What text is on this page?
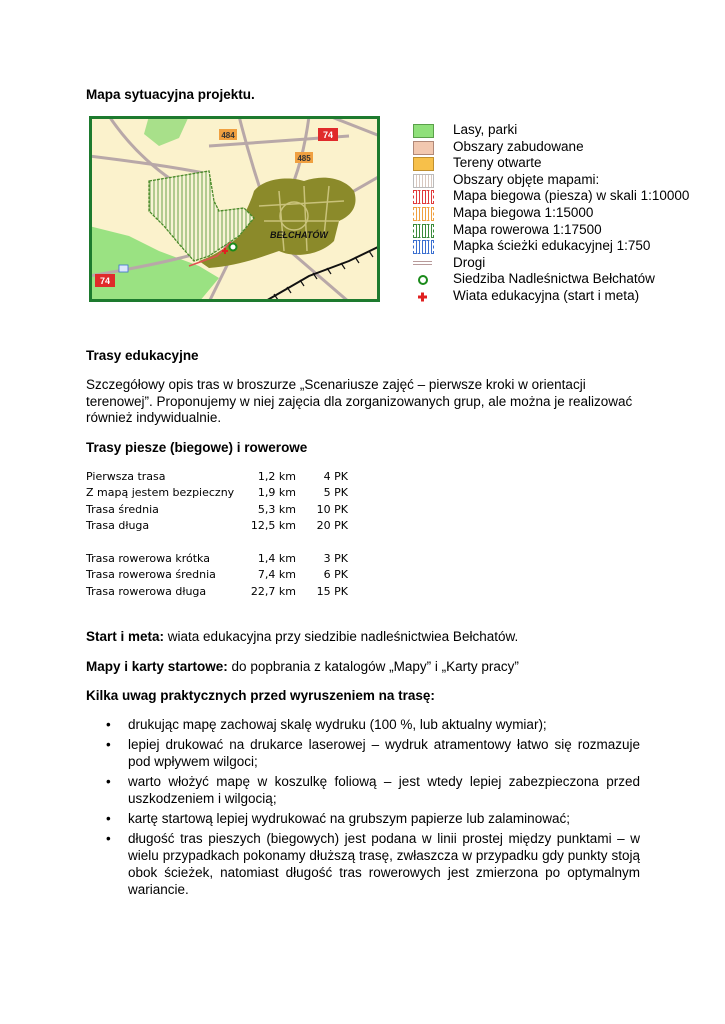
Mapa sytuacyjna projektu.
484	74
485
74
BEŁCHATÓW
Lasy, parki
Obszary zabudowane
Tereny otwarte
Obszary objęte mapami:
Mapa biegowa (piesza) w skali 1:10000
Mapa biegowa 1:15000
Mapa rowerowa 1:17500
Mapka ścieżki edukacyjnej 1:750
Drogi
Siedziba Nadleśnictwa Bełchatów
Wiata edukacyjna (start i meta)
Trasy edukacyjne
Szczegółowy opis tras w broszurze „Scenariusze zajęć – pierwsze kroki w orientacji terenowej”. Proponujemy w niej zajęcia dla zorganizowanych grup, ale można je realizować również indywidualnie.
Trasy piesze (biegowe) i rowerowe
Pierwsza trasa	1,2 km	4 PK
Z mapą jestem bezpieczny	1,9 km	5 PK
Trasa średnia	5,3 km	10 PK
Trasa długa	12,5 km	20 PK
Trasa rowerowa krótka	1,4 km	3 PK
Trasa rowerowa średnia	7,4 km	6 PK
Trasa rowerowa długa	22,7 km	15 PK
Start i meta: wiata edukacyjna przy siedzibie nadleśnictwiea Bełchatów.
Mapy i karty startowe: do popbrania z katalogów „Mapy” i „Karty pracy”
Kilka uwag praktycznych przed wyruszeniem na trasę:
• drukując mapę zachowaj skalę wydruku (100 %, lub aktualny wymiar);
• lepiej drukować na drukarce laserowej – wydruk atramentowy łatwo się rozmazuje pod wpływem wilgoci;
• warto włożyć mapę w koszulkę foliową – jest wtedy lepiej zabezpieczona przed uszkodzeniem i wilgocią;
• kartę startową lepiej wydrukować na grubszym papierze lub zalaminować;
• długość tras pieszych (biegowych) jest podana w linii prostej między punktami – w wielu przypadkach pokonamy dłuższą trasę, zwłaszcza w przypadku gdy punkty stoją obok ścieżek, natomiast długość tras rowerowych jest zmierzona po optymalnym wariancie.
